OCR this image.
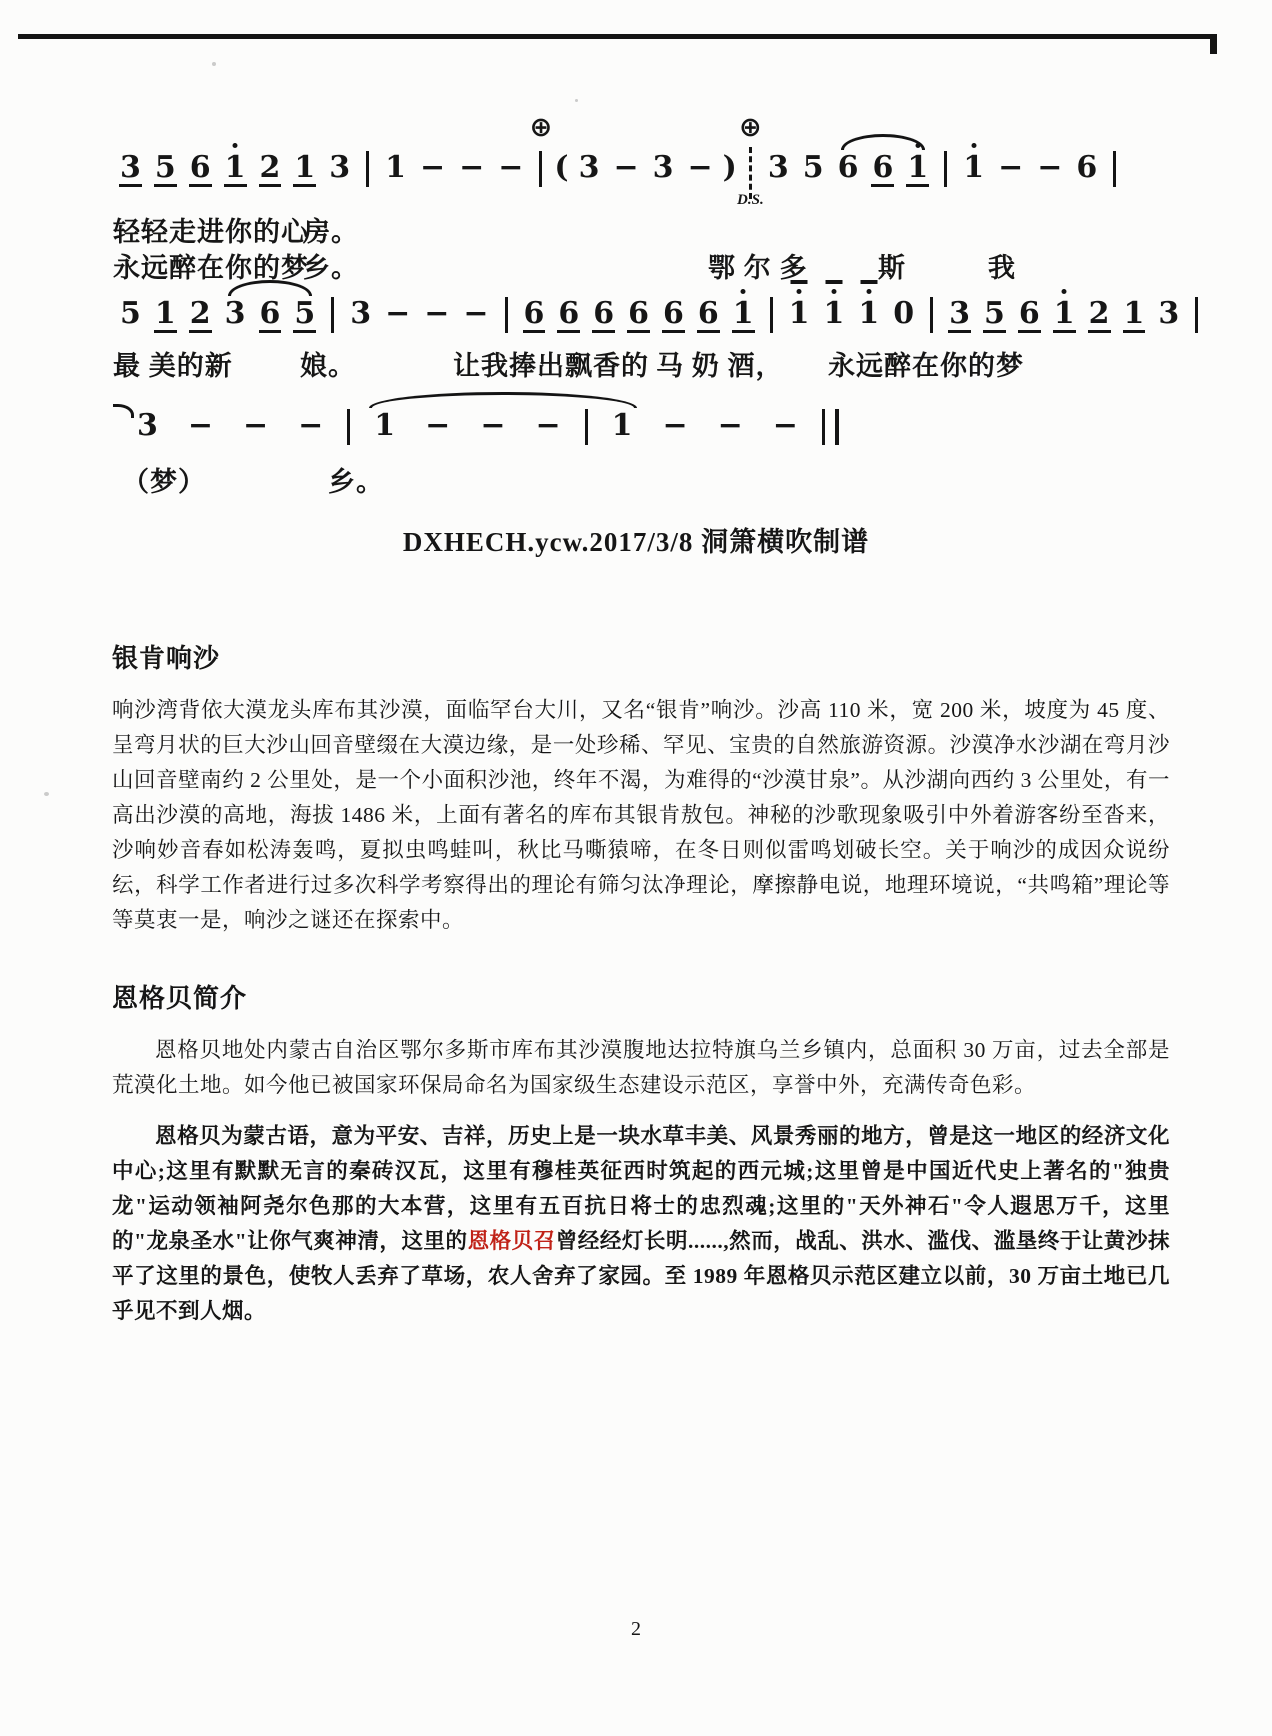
3 5 6 1 2 1 3 1 − − −
⊕
( 3 − 3 − )
⊕
D.S.
3 5 6 6 1 1 − − 6
5 1 2 3 6 5 3 − − − 6 6 6 6 6 6 1 1 1 1 0 3 5 6 1 2 1 3
3	−	−	−	1	−	−	−	1	−	−	−
轻轻走进你的心
房。
永远醉在你的梦
乡。	鄂 尔 多	斯	我
最 美的新 娘。	让我捧出飘香的 马 奶 酒， 永远醉在你的梦
（梦）	乡。
DXHECH.ycw.2017/3/8 洞箫横吹制谱
银肯响沙

响沙湾背依大漠龙头库布其沙漠，面临罕台大川，又名“银肯”响沙。沙高 110 米，宽 200 米，坡度为 45 度、呈弯月状的巨大沙山回音壁缀在大漠边缘，是一处珍稀、罕见、宝贵的自然旅游资源。沙漠净水沙湖在弯月沙山回音壁南约 2 公里处，是一个小面积沙池，终年不渴，为难得的“沙漠甘泉”。从沙湖向西约 3 公里处，有一高出沙漠的高地，海拔 1486 米，上面有著名的库布其银肯敖包。神秘的沙歌现象吸引中外着游客纷至沓来，沙响妙音春如松涛轰鸣，夏拟虫鸣蛙叫，秋比马嘶猿啼，在冬日则似雷鸣划破长空。关于响沙的成因众说纷纭，科学工作者进行过多次科学考察得出的理论有筛匀汰净理论，摩擦静电说，地理环境说，“共鸣箱”理论等等莫衷一是，响沙之谜还在探索中。

恩格贝简介

恩格贝地处内蒙古自治区鄂尔多斯市库布其沙漠腹地达拉特旗乌兰乡镇内，总面积 30 万亩，过去全部是荒漠化土地。如今他已被国家环保局命名为国家级生态建设示范区，享誉中外，充满传奇色彩。

恩格贝为蒙古语，意为平安、吉祥，历史上是一块水草丰美、风景秀丽的地方，曾是这一地区的经济文化中心;这里有默默无言的秦砖汉瓦，这里有穆桂英征西时筑起的西元城;这里曾是中国近代史上著名的"独贵龙"运动领袖阿尧尔色那的大本营，这里有五百抗日将士的忠烈魂;这里的"天外神石"令人遐思万千，这里的"龙泉圣水"让你气爽神清，这里的恩格贝召曾经经灯长明......,然而，战乱、洪水、滥伐、滥垦终于让黄沙抹平了这里的景色，使牧人丢弃了草场，农人舍弃了家园。至 1989 年恩格贝示范区建立以前，30 万亩土地已几乎见不到人烟。

2
